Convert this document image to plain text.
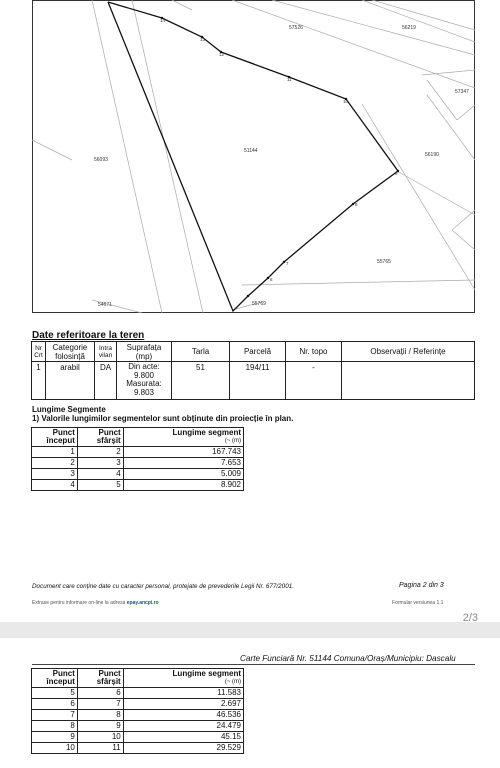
14
13
12
11
10
9
8
7
6
57526	56219
57347
56190
56093
55765
55769
54671
51144
Date referitoare la teren
Nr Crt	Categorie folosință	Intra vilan	Suprafața (mp)	Tarla	Parcelă	Nr. topo	Observații / Referințe
1	arabil	DA	Din acte:
9.800
Masurata:
9.803	51	194/11	-	
Lungime Segmente
1) Valorile lungimilor segmentelor sunt obținute din proiecție în plan.
Punct început	Punct sfârșit	Lungime segment
(~ (m)

1	2	167.743
2	3	7.653
3	4	5.009
4	5	8.902
Document care conține date cu caracter personal, protejate de prevederile Legii Nr. 677/2001.	Pagina 2 din 3
Extrase pentru informare on-line la adresa epay.ancpi.ro	Formular versiunea 1.1
2/3
Carte Funciară Nr. 51144 Comuna/Oraș/Municipiu: Dascalu
Punct început	Punct sfârșit	Lungime segment
(~ (m)

5	6	11.583
6	7	2.697
7	8	46.536
8	9	24.479
9	10	45.15
10	11	29.529
